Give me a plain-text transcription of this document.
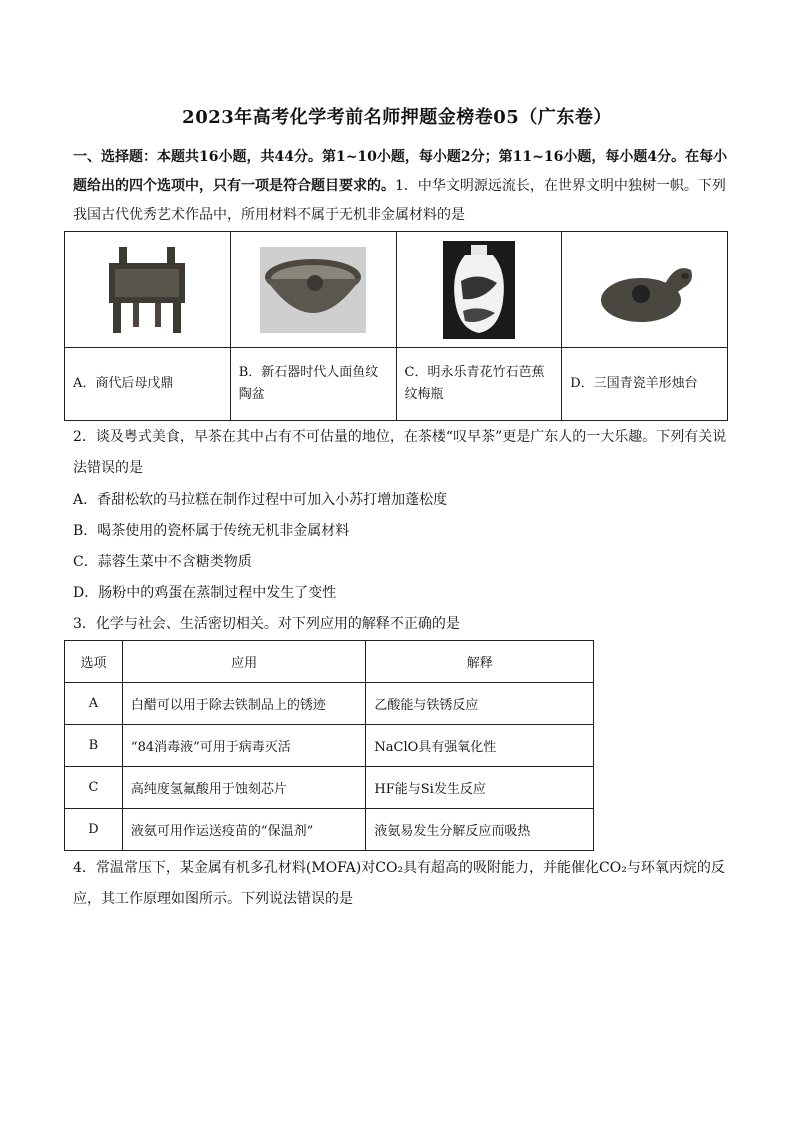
2023年高考化学考前名师押题金榜卷05（广东卷）
一、选择题：本题共16小题，共44分。第1~10小题，每小题2分；第11~16小题，每小题4分。在每小题给出的四个选项中，只有一项是符合题目要求的。1．中华文明源远流长，在世界文明中独树一帜。下列我国古代优秀艺术作品中，所用材料不属于无机非金属材料的是

A．商代后母戊鼎	B．新石器时代人面鱼纹陶盆	C．明永乐青花竹石芭蕉纹梅瓶	D．三国青瓷羊形烛台
2．谈及粤式美食，早茶在其中占有不可估量的地位，在茶楼“叹早茶”更是广东人的一大乐趣。下列有关说
法错误的是
A．香甜松软的马拉糕在制作过程中可加入小苏打增加蓬松度
B．喝茶使用的瓷杯属于传统无机非金属材料
C．蒜蓉生菜中不含糖类物质
D．肠粉中的鸡蛋在蒸制过程中发生了变性
3．化学与社会、生活密切相关。对下列应用的解释不正确的是
选项	应用	解释
A	白醋可以用于除去铁制品上的锈迹	乙酸能与铁锈反应
B	“84消毒液”可用于病毒灭活	NaClO具有强氧化性
C	高纯度氢氟酸用于蚀刻芯片	HF能与Si发生反应
D	液氨可用作运送疫苗的“保温剂”	液氨易发生分解反应而吸热
4．常温常压下，某金属有机多孔材料(MOFA)对CO₂具有超高的吸附能力，并能催化CO₂与环氧丙烷的反
应，其工作原理如图所示。下列说法错误的是
